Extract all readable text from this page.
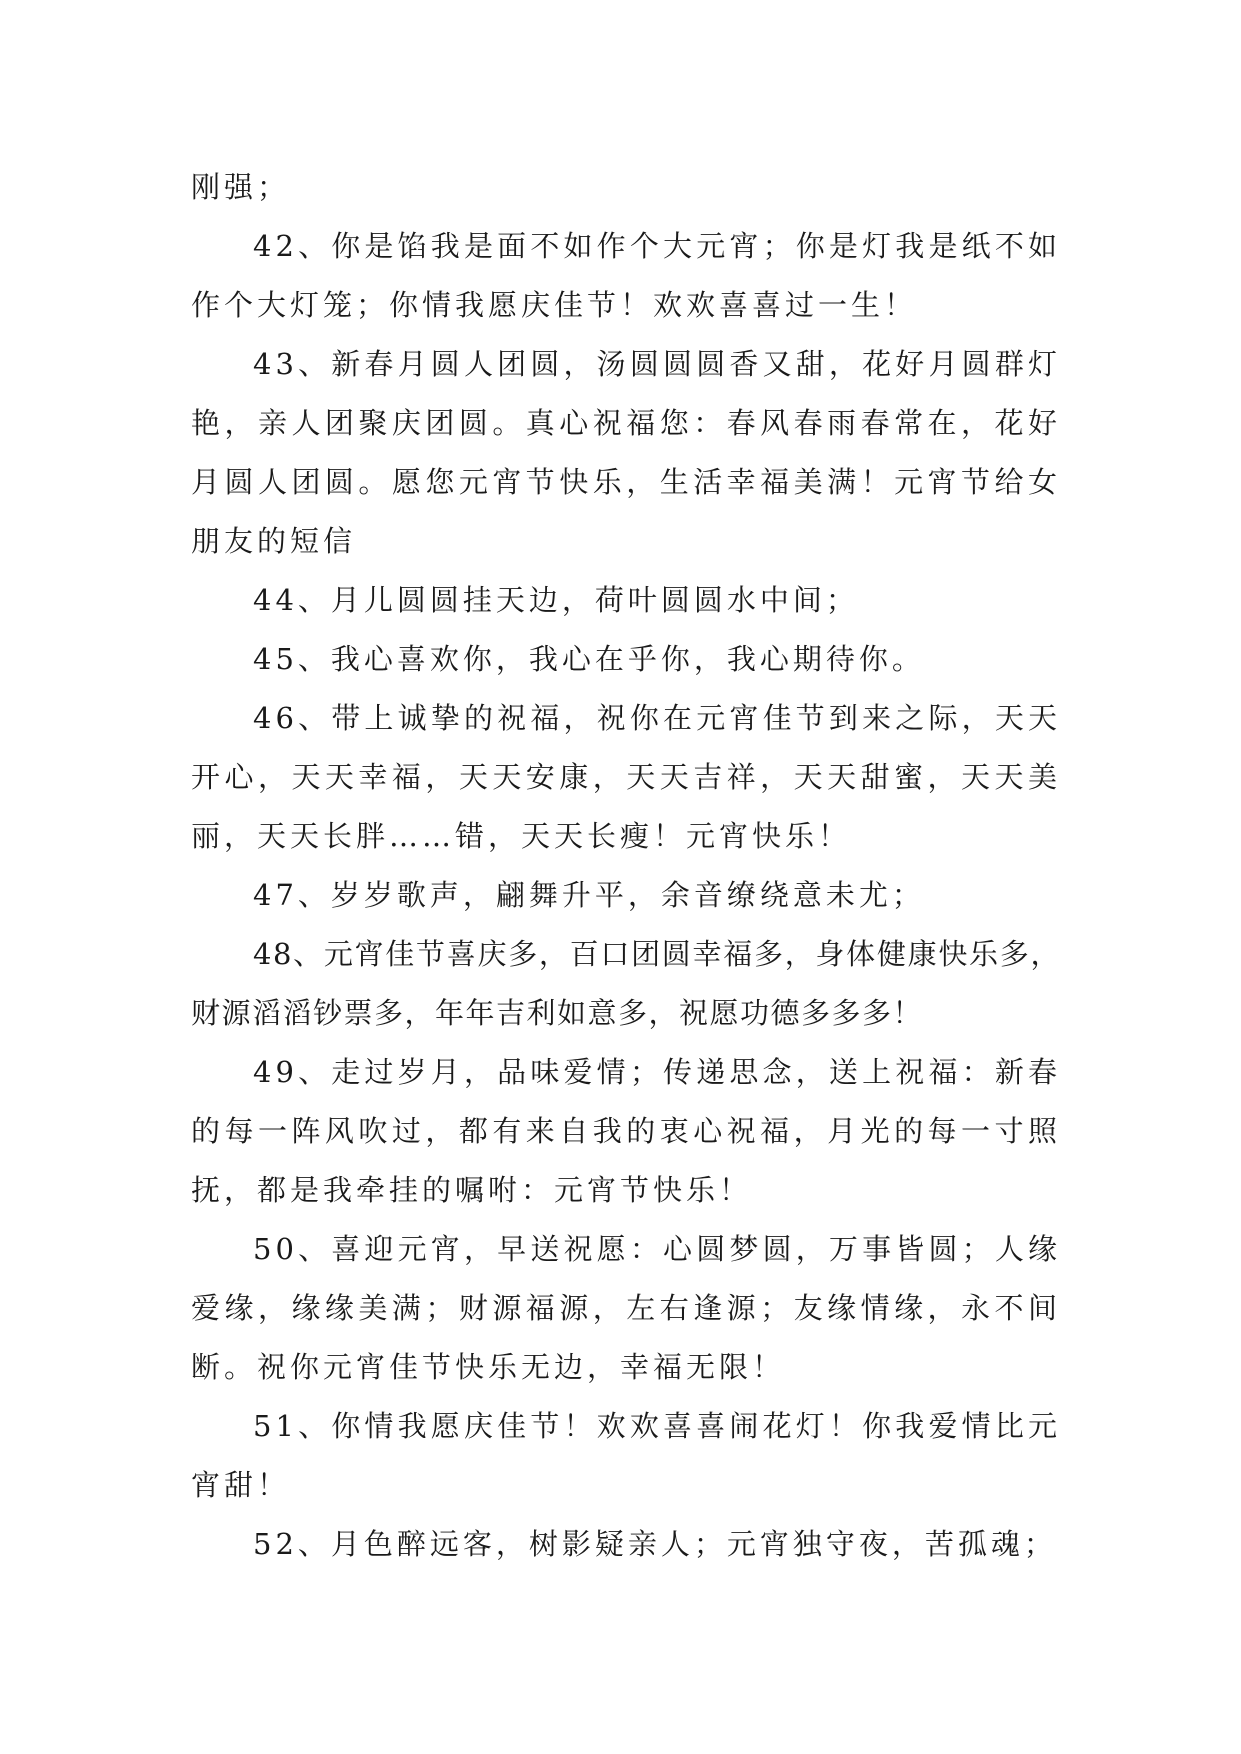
刚强；

42、你是馅我是面不如作个大元宵；你是灯我是纸不如作个大灯笼；你情我愿庆佳节！欢欢喜喜过一生！

43、新春月圆人团圆，汤圆圆圆香又甜，花好月圆群灯艳，亲人团聚庆团圆。真心祝福您：春风春雨春常在，花好月圆人团圆。愿您元宵节快乐，生活幸福美满！元宵节给女朋友的短信

44、月儿圆圆挂天边，荷叶圆圆水中间；

45、我心喜欢你，我心在乎你，我心期待你。

46、带上诚挚的祝福，祝你在元宵佳节到来之际，天天开心，天天幸福，天天安康，天天吉祥，天天甜蜜，天天美丽，天天长胖……错，天天长瘦！元宵快乐！

47、岁岁歌声，翩舞升平，余音缭绕意未尤；

48、元宵佳节喜庆多，百口团圆幸福多，身体健康快乐多，财源滔滔钞票多，年年吉利如意多，祝愿功德多多多！

49、走过岁月，品味爱情；传递思念，送上祝福：新春的每一阵风吹过，都有来自我的衷心祝福，月光的每一寸照抚，都是我牵挂的嘱咐：元宵节快乐！

50、喜迎元宵，早送祝愿：心圆梦圆，万事皆圆；人缘爱缘，缘缘美满；财源福源，左右逢源；友缘情缘，永不间断。祝你元宵佳节快乐无边，幸福无限！

51、你情我愿庆佳节！欢欢喜喜闹花灯！你我爱情比元宵甜！

52、月色醉远客，树影疑亲人；元宵独守夜，苦孤魂；
